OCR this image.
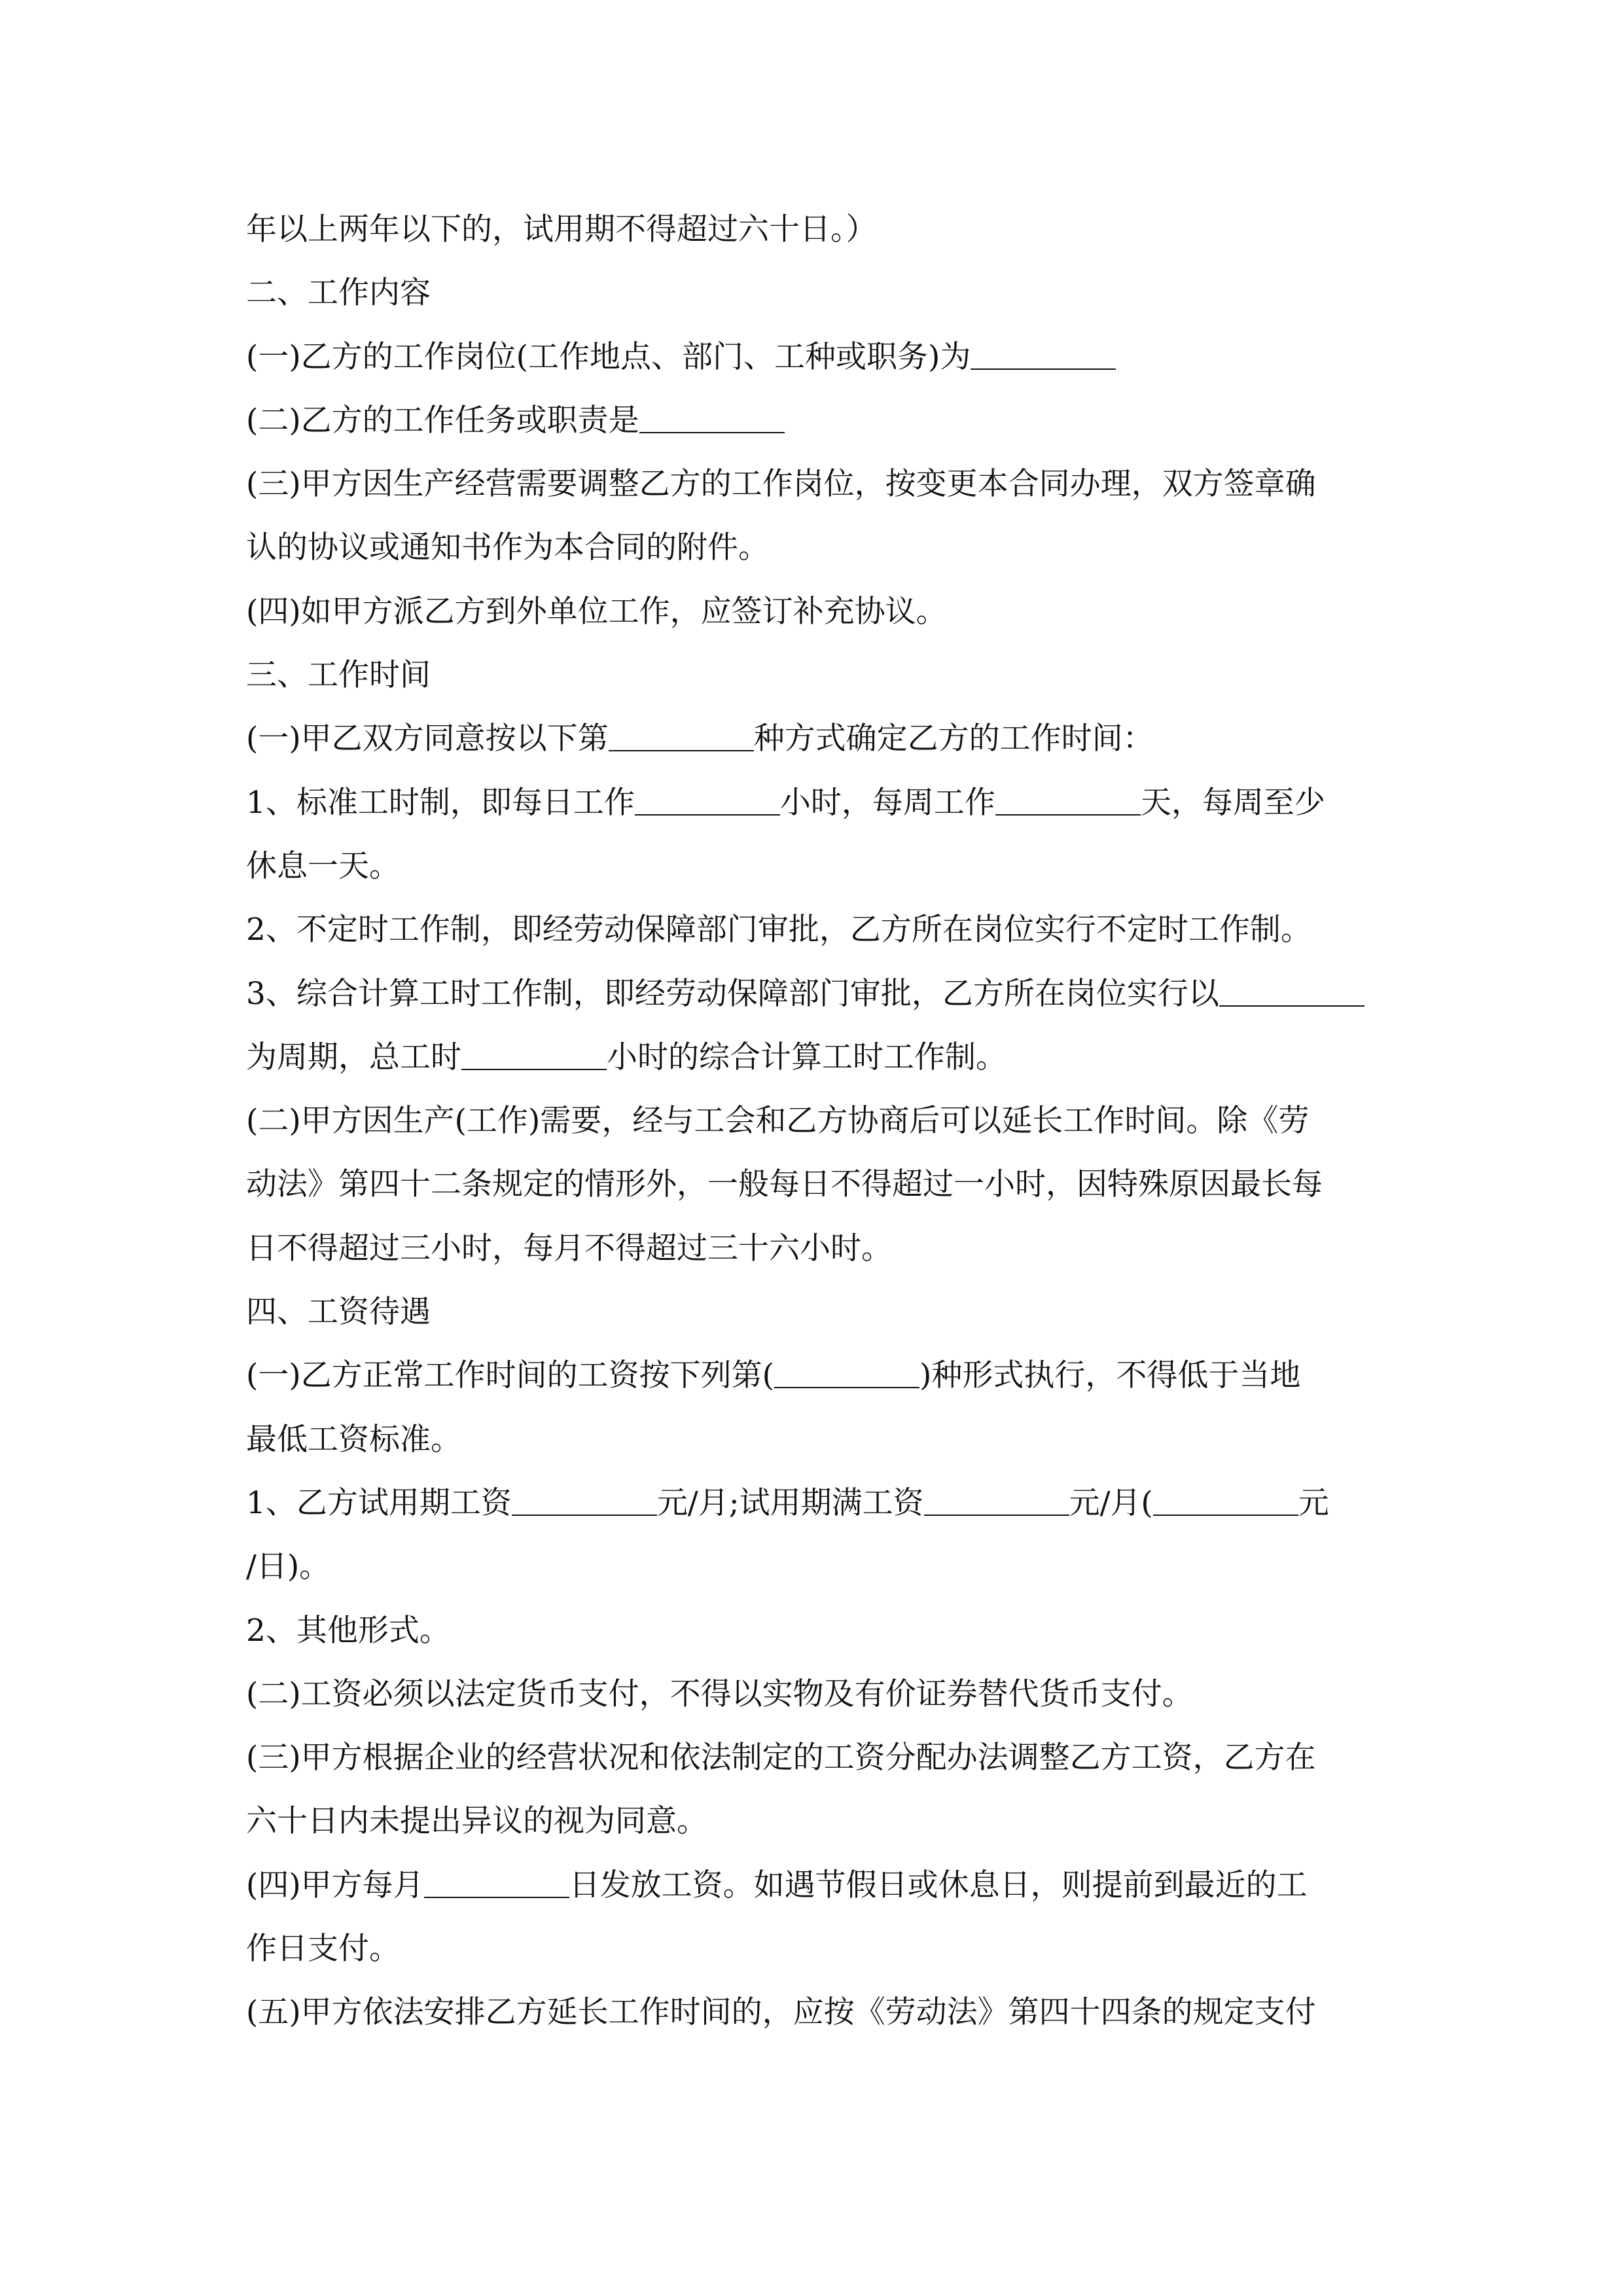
年以上两年以下的，试用期不得超过六十日。）
二、工作内容
(一)乙方的工作岗位(工作地点、部门、工种或职务)为
(二)乙方的工作任务或职责是
(三)甲方因生产经营需要调整乙方的工作岗位，按变更本合同办理，双方签章确
认的协议或通知书作为本合同的附件。
(四)如甲方派乙方到外单位工作，应签订补充协议。
三、工作时间
(一)甲乙双方同意按以下第	种方式确定乙方的工作时间：
1、标准工时制，即每日工作	小时，每周工作	天，每周至少
休息一天。
2、不定时工作制，即经劳动保障部门审批，乙方所在岗位实行不定时工作制。
3、综合计算工时工作制，即经劳动保障部门审批，乙方所在岗位实行以
为周期，总工时	小时的综合计算工时工作制。
(二)甲方因生产(工作)需要，经与工会和乙方协商后可以延长工作时间。除《劳
动法》第四十二条规定的情形外，一般每日不得超过一小时，因特殊原因最长每
日不得超过三小时，每月不得超过三十六小时。
四、工资待遇
(一)乙方正常工作时间的工资按下列第(	)种形式执行，不得低于当地
最低工资标准。
1、乙方试用期工资	元/月;试用期满工资	元/月(	元
/日)。
2、其他形式。
(二)工资必须以法定货币支付，不得以实物及有价证券替代货币支付。
(三)甲方根据企业的经营状况和依法制定的工资分配办法调整乙方工资，乙方在
六十日内未提出异议的视为同意。
(四)甲方每月	日发放工资。如遇节假日或休息日，则提前到最近的工
作日支付。
(五)甲方依法安排乙方延长工作时间的，应按《劳动法》第四十四条的规定支付
